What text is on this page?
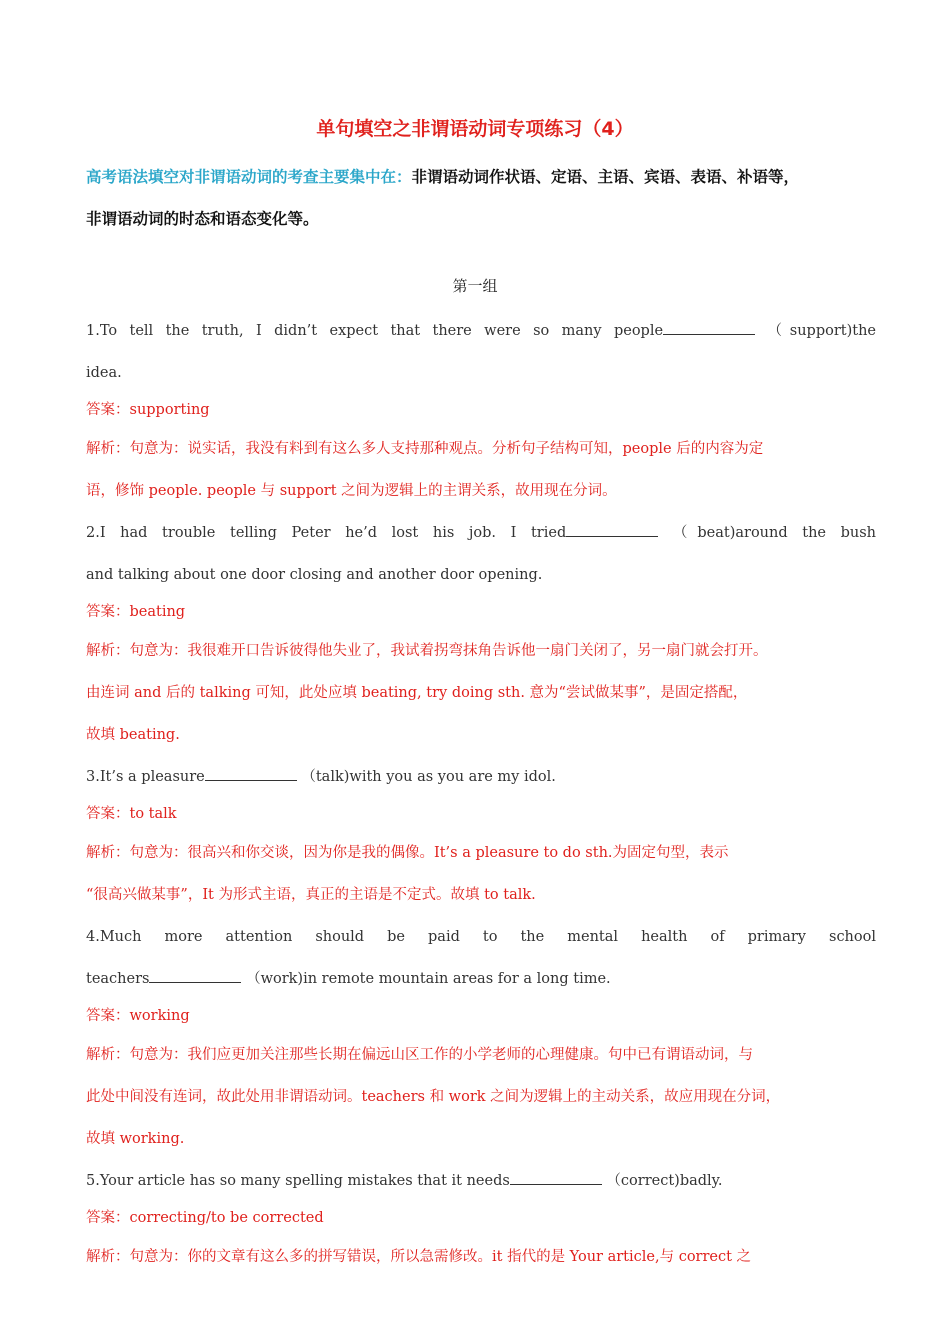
单句填空之非谓语动词专项练习（4）
高考语法填空对非谓语动词的考查主要集中在：非谓语动词作状语、定语、主语、宾语、表语、补语等，
非谓语动词的时态和语态变化等。
第一组

1.To tell the truth, I didn’t expect that there were so many people	（support)the

idea.

答案：supporting

解析：句意为：说实话，我没有料到有这么多人支持那种观点。分析句子结构可知，people 后的内容为定

语，修饰 people. people 与 support 之间为逻辑上的主谓关系，故用现在分词。

2.I had trouble telling Peter he’d lost his job. I tried	（beat)around the bush

and talking about one door closing and another door opening.

答案：beating

解析：句意为：我很难开口告诉彼得他失业了，我试着拐弯抹角告诉他一扇门关闭了，另一扇门就会打开。

由连词 and 后的 talking 可知，此处应填 beating, try doing sth. 意为“尝试做某事”，是固定搭配，

故填 beating.

3.It’s a pleasure	（talk)with you as you are my idol.

答案：to talk

解析：句意为：很高兴和你交谈，因为你是我的偶像。It’s a pleasure to do sth.为固定句型，表示

“很高兴做某事”，It 为形式主语，真正的主语是不定式。故填 to talk.

4.Much more attention should be paid to the mental health of primary school

teachers	（work)in remote mountain areas for a long time.

答案：working

解析：句意为：我们应更加关注那些长期在偏远山区工作的小学老师的心理健康。句中已有谓语动词，与

此处中间没有连词，故此处用非谓语动词。teachers 和 work 之间为逻辑上的主动关系，故应用现在分词，

故填 working.

5.Your article has so many spelling mistakes that it needs	（correct)badly.

答案：correcting/to be corrected

解析：句意为：你的文章有这么多的拼写错误，所以急需修改。it 指代的是 Your article,与 correct 之
